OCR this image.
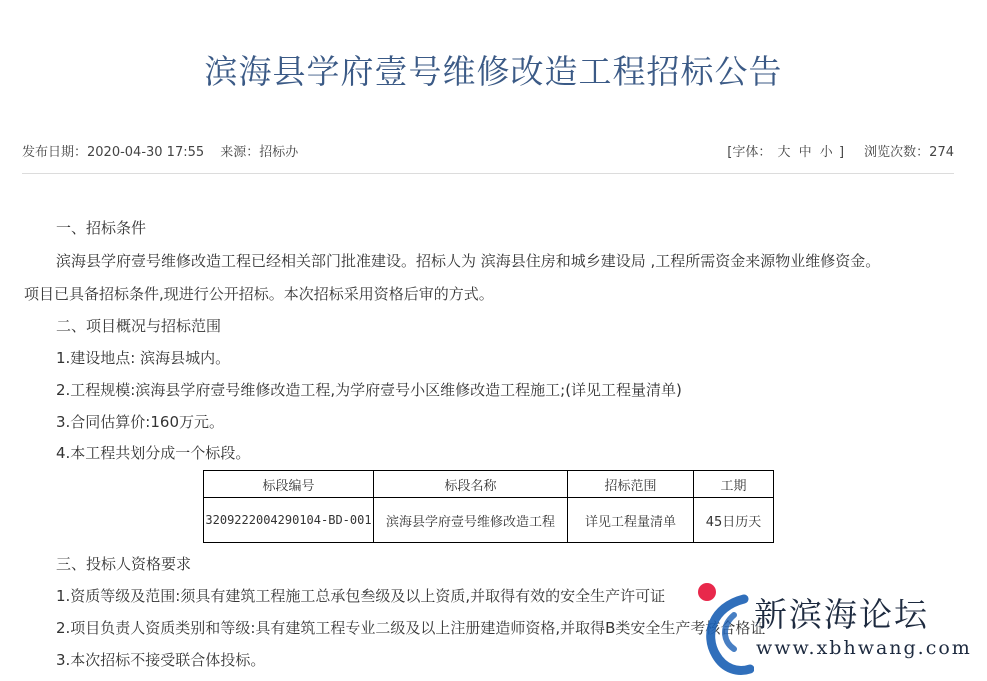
滨海县学府壹号维修改造工程招标公告
发布日期：2020-04-30 17:55 来源：招标办	[字体： 大 中 小 ] 浏览次数：274
一、招标条件
滨海县学府壹号维修改造工程已经相关部门批准建设。招标人为 滨海县住房和城乡建设局 ,工程所需资金来源物业维修资金。
项目已具备招标条件,现进行公开招标。本次招标采用资格后审的方式。
二、项目概况与招标范围
1.建设地点: 滨海县城内。
2.工程规模:滨海县学府壹号维修改造工程,为学府壹号小区维修改造工程施工;(详见工程量清单)
3.合同估算价:160万元。
4.本工程共划分成一个标段。
标段编号	标段名称	招标范围	工期
3209222004290104-BD-001	滨海县学府壹号维修改造工程	详见工程量清单	45日历天
三、投标人资格要求
1.资质等级及范围:须具有建筑工程施工总承包叁级及以上资质,并取得有效的安全生产许可证
2.项目负责人资质类别和等级:具有建筑工程专业二级及以上注册建造师资格,并取得B类安全生产考核合格证
3.本次招标不接受联合体投标。
新滨海论坛
www.xbhwang.com
